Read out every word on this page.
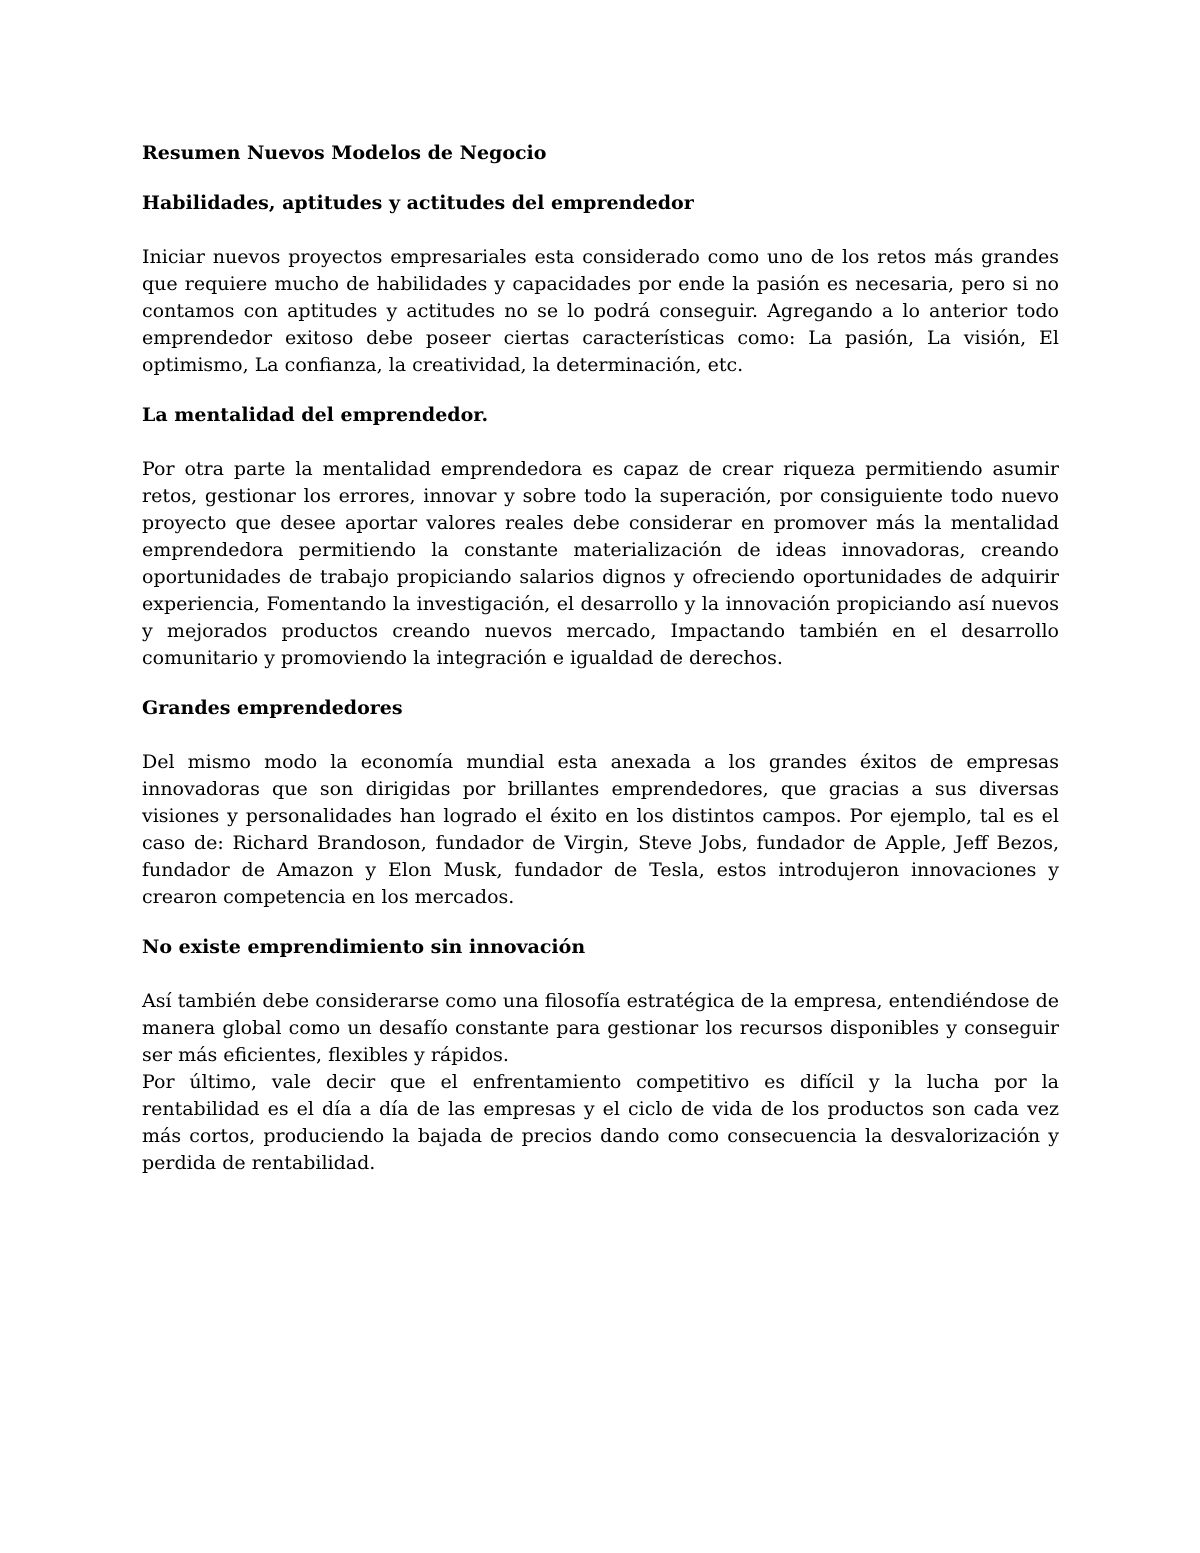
Resumen Nuevos Modelos de Negocio

Habilidades, aptitudes y actitudes del emprendedor

Iniciar nuevos proyectos empresariales esta considerado como uno de los retos más grandes que requiere mucho de habilidades y capacidades por ende la pasión es necesaria, pero si no contamos con aptitudes y actitudes no se lo podrá conseguir. Agregando a lo anterior todo emprendedor exitoso debe poseer ciertas características como: La pasión, La visión, El optimismo, La confianza, la creatividad, la determinación, etc.

La mentalidad del emprendedor.

Por otra parte la mentalidad emprendedora es capaz de crear riqueza permitiendo asumir retos, gestionar los errores, innovar y sobre todo la superación, por consiguiente todo nuevo proyecto que desee aportar valores reales debe considerar en promover más la mentalidad emprendedora permitiendo la constante materialización de ideas innovadoras, creando oportunidades de trabajo propiciando salarios dignos y ofreciendo oportunidades de adquirir experiencia, Fomentando la investigación, el desarrollo y la innovación propiciando así nuevos y mejorados productos creando nuevos mercado, Impactando también en el desarrollo comunitario y promoviendo la integración e igualdad de derechos.

Grandes emprendedores

Del mismo modo la economía mundial esta anexada a los grandes éxitos de empresas innovadoras que son dirigidas por brillantes emprendedores, que gracias a sus diversas visiones y personalidades han logrado el éxito en los distintos campos. Por ejemplo, tal es el caso de: Richard Brandoson, fundador de Virgin, Steve Jobs, fundador de Apple, Jeff Bezos, fundador de Amazon y Elon Musk, fundador de Tesla, estos introdujeron innovaciones y crearon competencia en los mercados.

No existe emprendimiento sin innovación

Así también debe considerarse como una filosofía estratégica de la empresa, entendiéndose de manera global como un desafío constante para gestionar los recursos disponibles y conseguir ser más eficientes, flexibles y rápidos.

Por último, vale decir que el enfrentamiento competitivo es difícil y la lucha por la rentabilidad es el día a día de las empresas y el ciclo de vida de los productos son cada vez más cortos, produciendo la bajada de precios dando como consecuencia la desvalorización y perdida de rentabilidad.
